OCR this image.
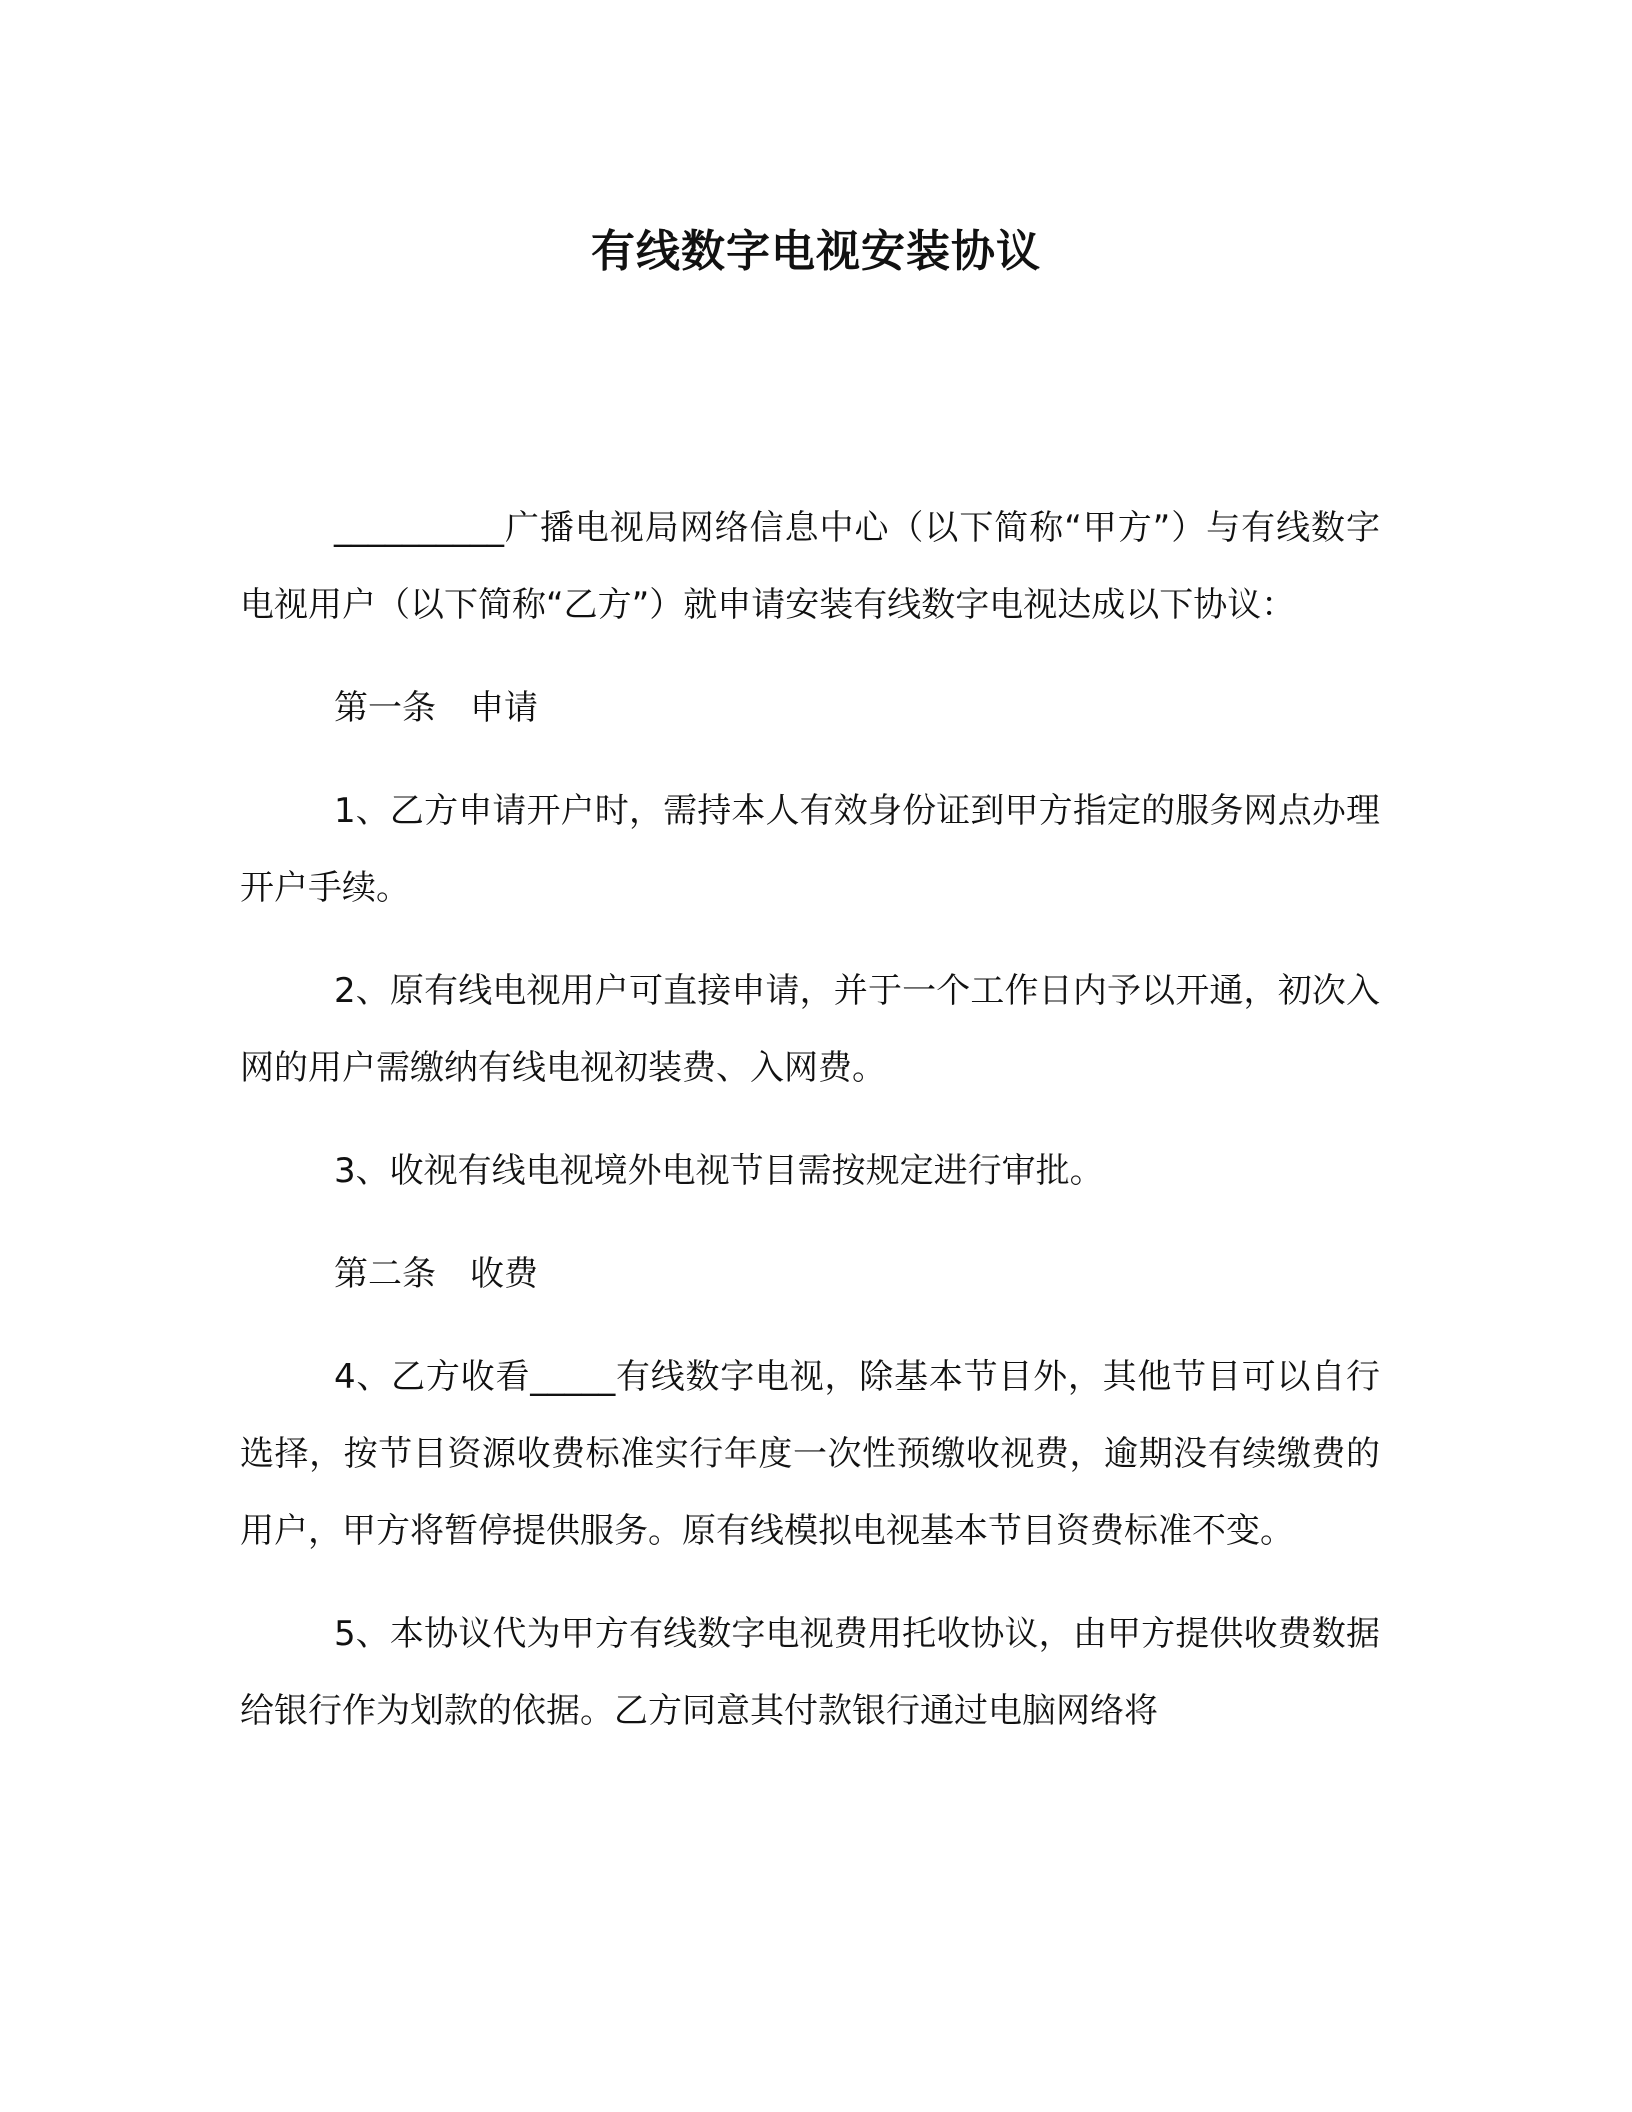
有线数字电视安装协议

__________广播电视局网络信息中心（以下简称“甲方”）与有线数字电视用户（以下简称“乙方”）就申请安装有线数字电视达成以下协议：

第一条　申请

1、乙方申请开户时，需持本人有效身份证到甲方指定的服务网点办理开户手续。

2、原有线电视用户可直接申请，并于一个工作日内予以开通，初次入网的用户需缴纳有线电视初装费、入网费。

3、收视有线电视境外电视节目需按规定进行审批。

第二条　收费

4、乙方收看_____有线数字电视，除基本节目外，其他节目可以自行选择，按节目资源收费标准实行年度一次性预缴收视费，逾期没有续缴费的用户，甲方将暂停提供服务。原有线模拟电视基本节目资费标准不变。

5、本协议代为甲方有线数字电视费用托收协议，由甲方提供收费数据给银行作为划款的依据。乙方同意其付款银行通过电脑网络将
